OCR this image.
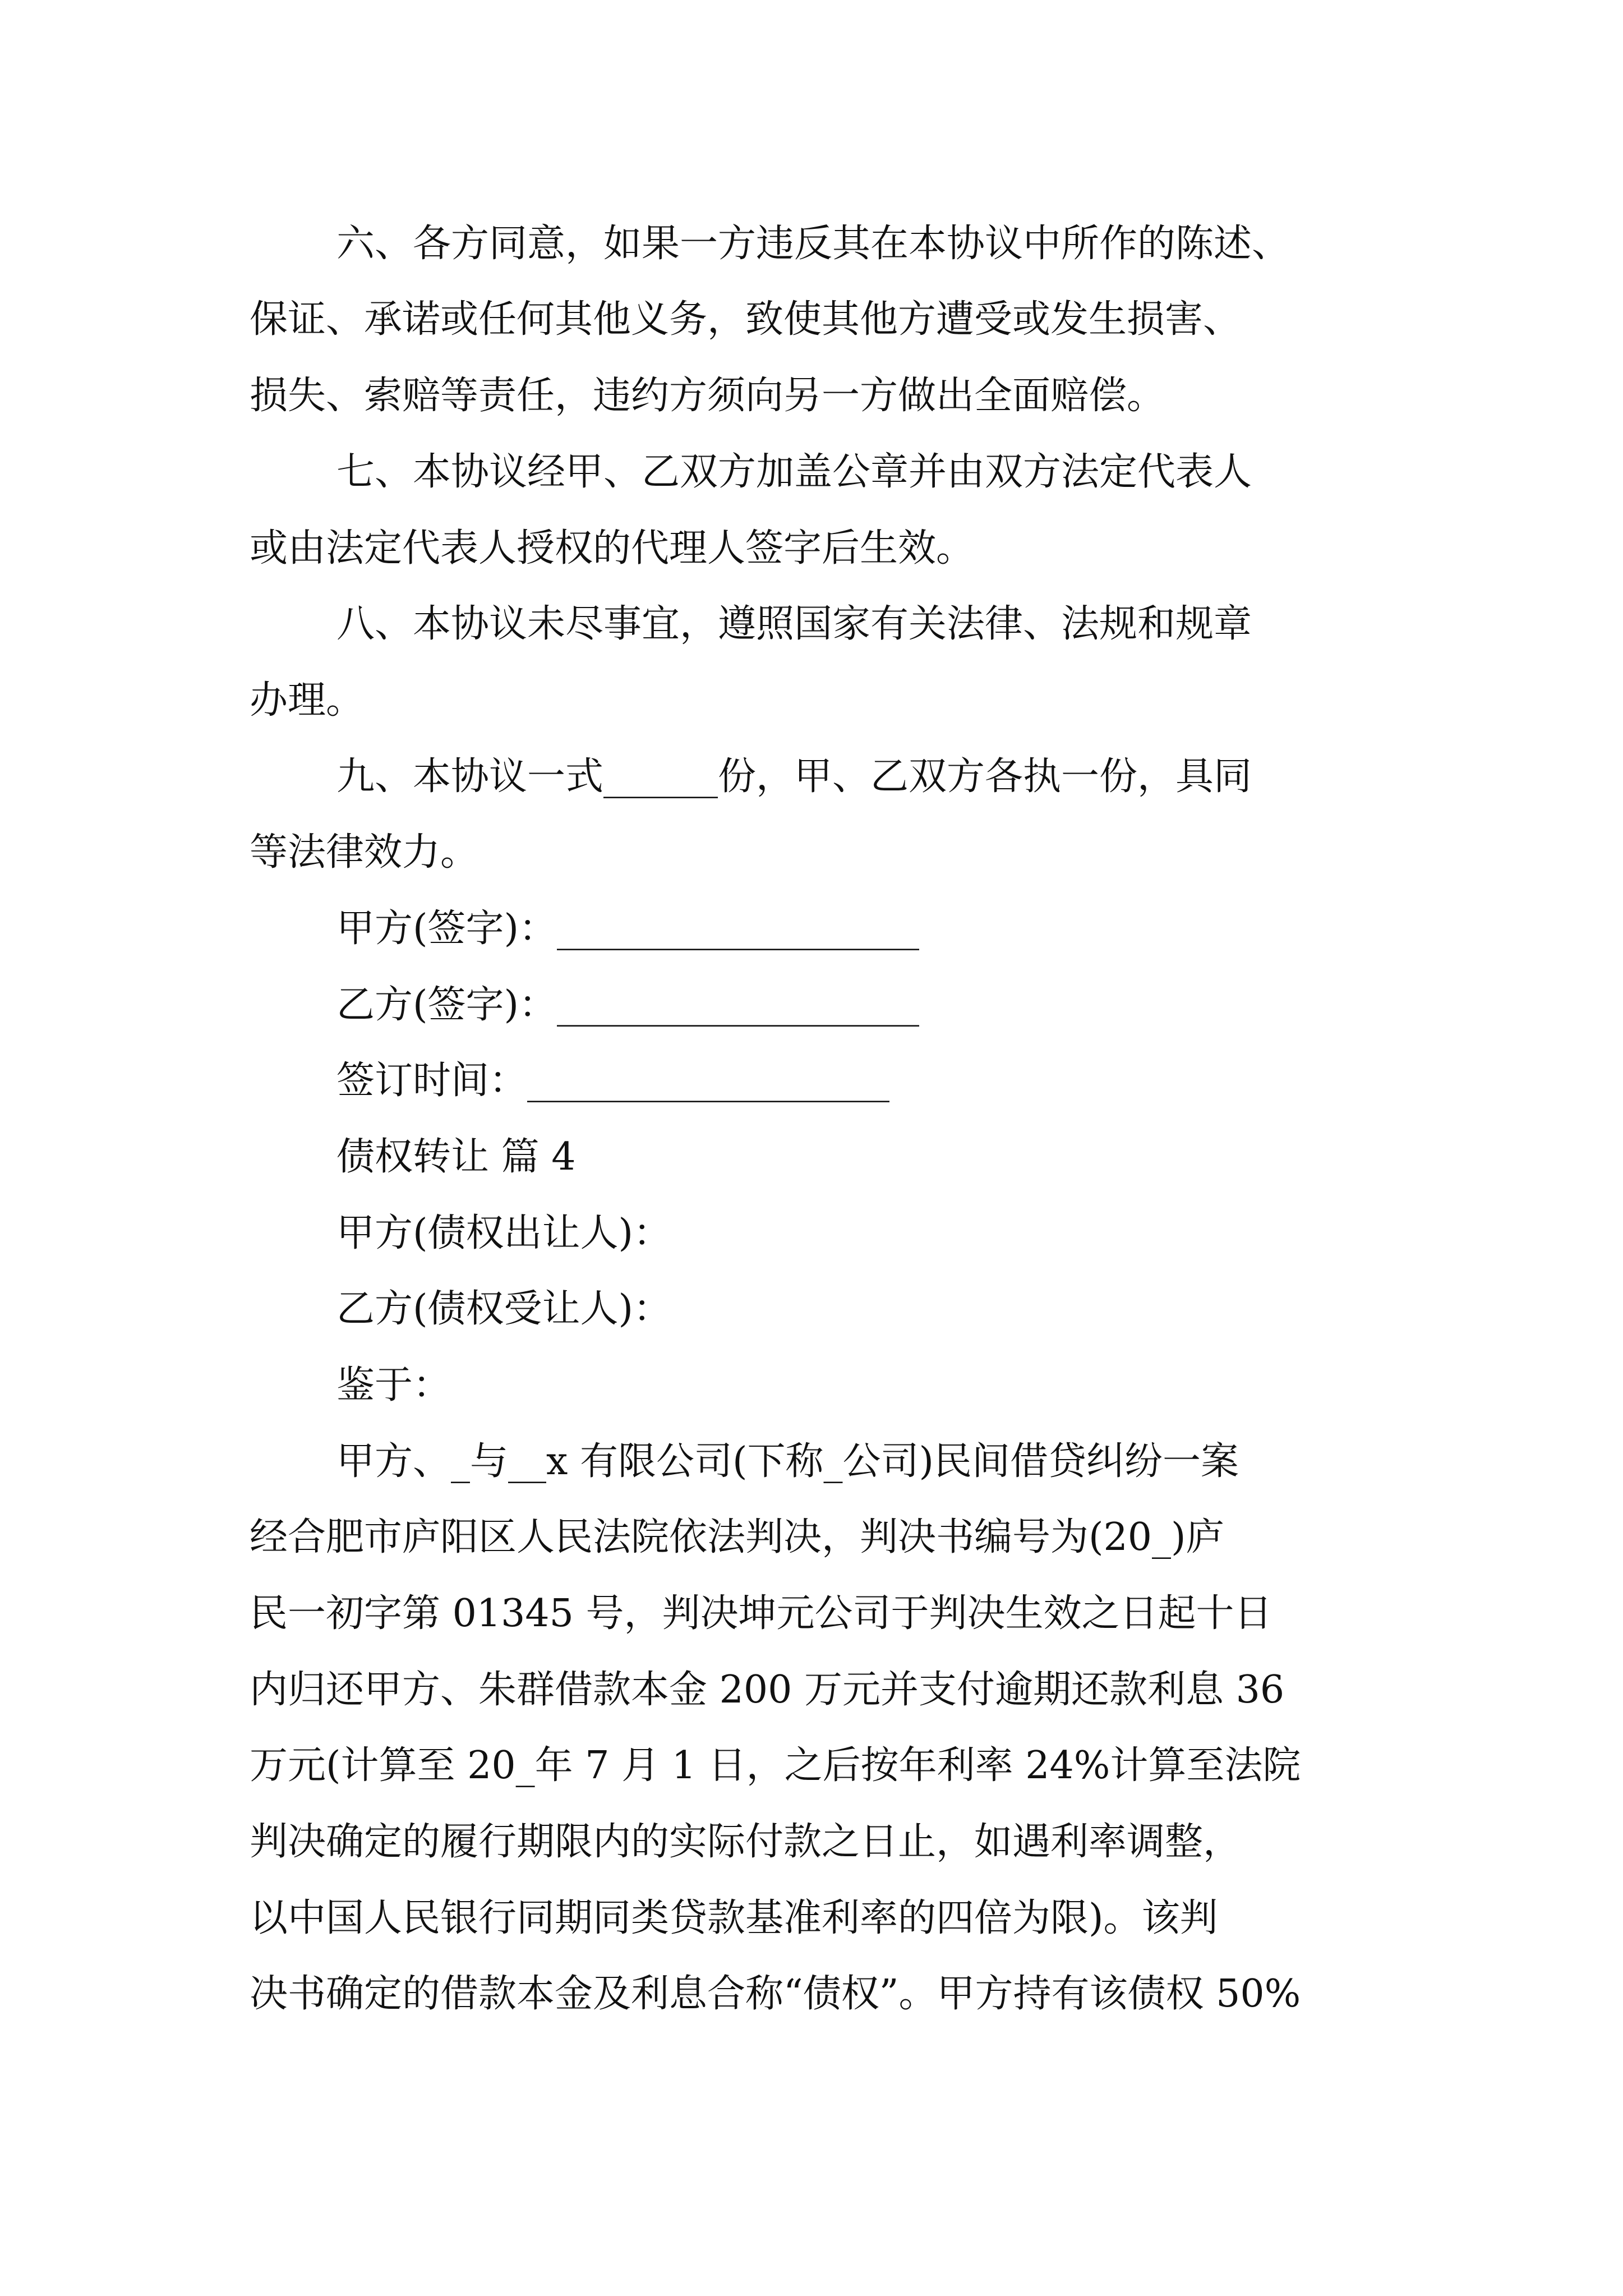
六、各方同意，如果一方违反其在本协议中所作的陈述、
保证、承诺或任何其他义务，致使其他方遭受或发生损害、
损失、索赔等责任，违约方须向另一方做出全面赔偿。
七、本协议经甲、乙双方加盖公章并由双方法定代表人
或由法定代表人授权的代理人签字后生效。
八、本协议未尽事宜，遵照国家有关法律、法规和规章
办理。
九、本协议一式______份，甲、乙双方各执一份，具同
等法律效力。
甲方(签字)：___________________
乙方(签字)：___________________
签订时间：___________________
债权转让 篇 4
甲方(债权出让人)：
乙方(债权受让人)：
鉴于：
甲方、_与__x 有限公司(下称_公司)民间借贷纠纷一案
经合肥市庐阳区人民法院依法判决，判决书编号为(20_)庐
民一初字第 01345 号，判决坤元公司于判决生效之日起十日
内归还甲方、朱群借款本金 200 万元并支付逾期还款利息 36
万元(计算至 20_年 7 月 1 日，之后按年利率 24%计算至法院
判决确定的履行期限内的实际付款之日止，如遇利率调整，
以中国人民银行同期同类贷款基准利率的四倍为限)。该判
决书确定的借款本金及利息合称“债权”。甲方持有该债权 50%
